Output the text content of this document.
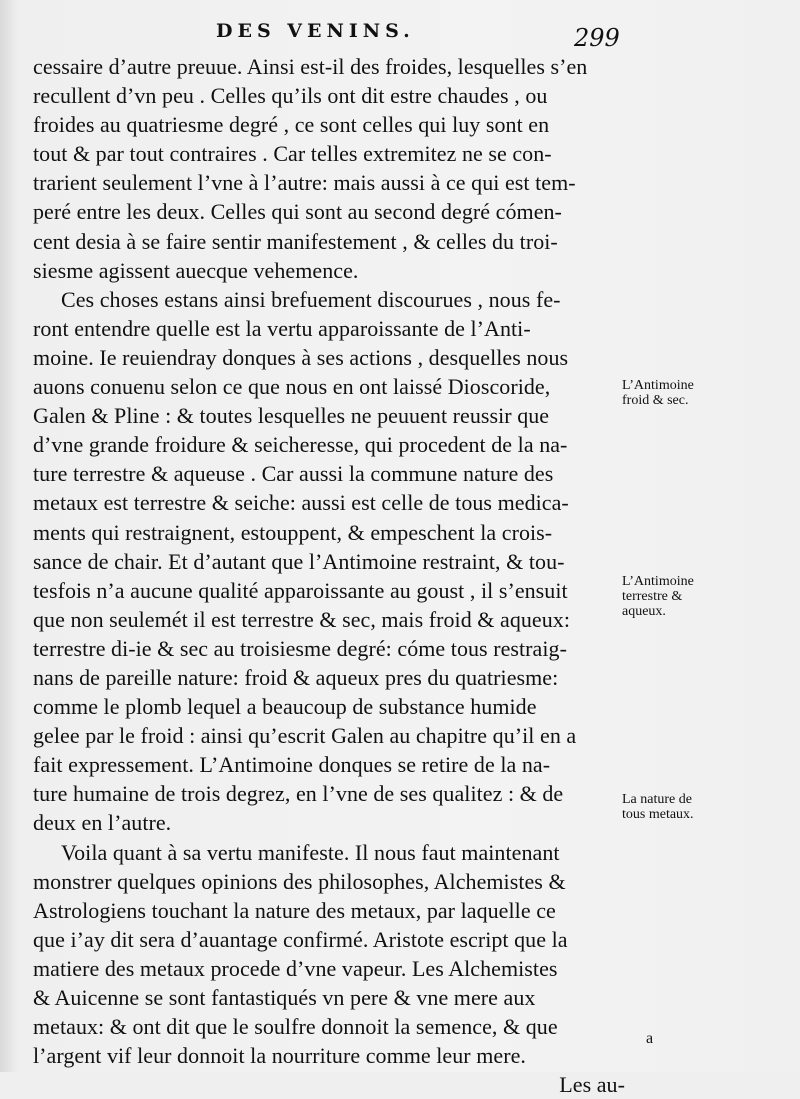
DES VENINS.	299
cessaire d’autre preuue. Ainsi est-il des froides, lesquelles s’en
recullent d’vn peu . Celles qu’ils ont dit estre chaudes , ou
froides au quatriesme degré , ce sont celles qui luy sont en
tout & par tout contraires . Car telles extremitez ne se con-
trarient seulement l’vne à l’autre: mais aussi à ce qui est tem-
peré entre les deux. Celles qui sont au second degré cómen-
cent desia à se faire sentir manifestement , & celles du troi-
siesme agissent auecque vehemence.
Ces choses estans ainsi brefuement discourues , nous fe-
ront entendre quelle est la vertu apparoissante de l’Anti-
moine. Ie reuiendray donques à ses actions , desquelles nous
auons conuenu selon ce que nous en ont laissé Dioscoride,
Galen & Pline : & toutes lesquelles ne peuuent reussir que
d’vne grande froidure & seicheresse, qui procedent de la na-
ture terrestre & aqueuse . Car aussi la commune nature des
metaux est terrestre & seiche: aussi est celle de tous medica-
ments qui restraignent, estouppent, & empeschent la crois-
sance de chair. Et d’autant que l’Antimoine restraint, & tou-
tesfois n’a aucune qualité apparoissante au goust , il s’ensuit
que non seulemét il est terrestre & sec, mais froid & aqueux:
terrestre di-ie & sec au troisiesme degré: cóme tous restraig-
nans de pareille nature: froid & aqueux pres du quatriesme:
comme le plomb lequel a beaucoup de substance humide
gelee par le froid : ainsi qu’escrit Galen au chapitre qu’il en a
fait expressement. L’Antimoine donques se retire de la na-
ture humaine de trois degrez, en l’vne de ses qualitez : & de
deux en l’autre.
Voila quant à sa vertu manifeste. Il nous faut maintenant
monstrer quelques opinions des philosophes, Alchemistes &
Astrologiens touchant la nature des metaux, par laquelle ce
que i’ay dit sera d’auantage confirmé. Aristote escript que la
matiere des metaux procede d’vne vapeur. Les Alchemistes
& Auicenne se sont fantastiqués vn pere & vne mere aux
metaux: & ont dit que le soulfre donnoit la semence, & que
l’argent vif leur donnoit la nourriture comme leur mere.
Les au-
L’Antimoine
froid & sec.
L’Antimoine
terrestre &
aqueux.
La nature de
tous metaux.
a
